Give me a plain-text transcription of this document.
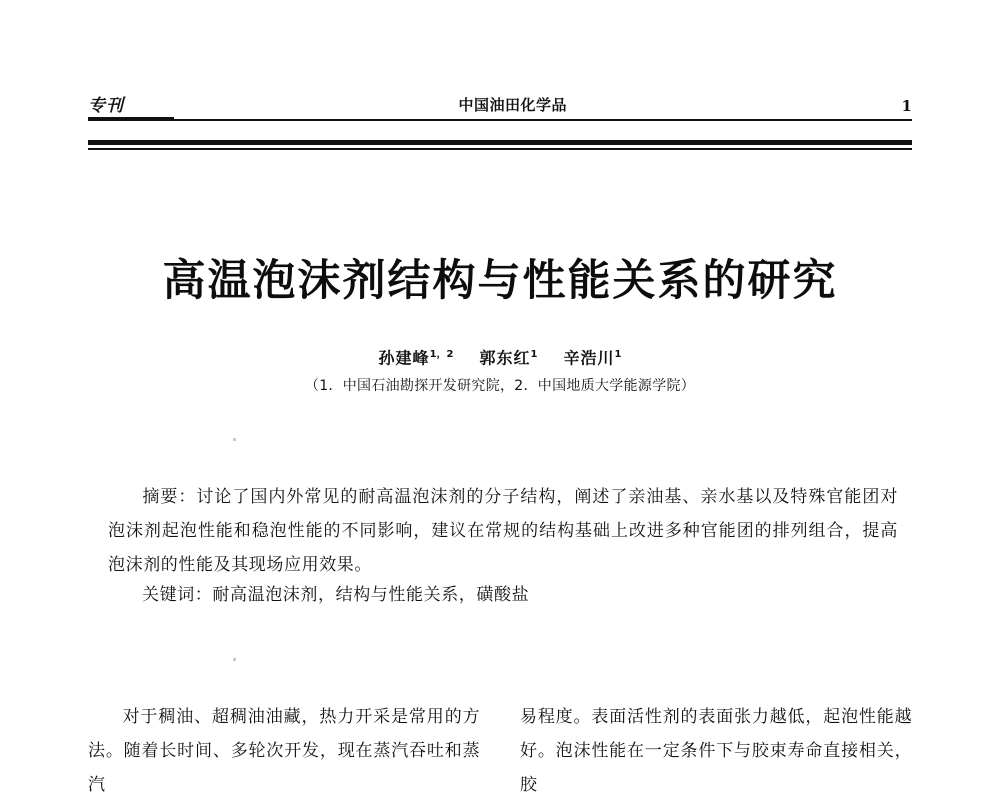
专刊	中国油田化学品	1
高温泡沫剂结构与性能关系的研究
孙建峰$^{1,2}$ 郭东红$^1$ 辛浩川$^1$
（1．中国石油勘探开发研究院，2．中国地质大学能源学院）
摘要：讨论了国内外常见的耐高温泡沫剂的分子结构，阐述了亲油基、亲水基以及特殊官能团对泡沫剂起泡性能和稳泡性能的不同影响，建议在常规的结构基础上改进多种官能团的排列组合，提高泡沫剂的性能及其现场应用效果。
关键词：耐高温泡沫剂，结构与性能关系，磺酸盐
对于稠油、超稠油油藏，热力开采是常用的方法。随着长时间、多轮次开发，现在蒸汽吞吐和蒸汽
易程度。表面活性剂的表面张力越低，起泡性能越好。泡沫性能在一定条件下与胶束寿命直接相关，胶
